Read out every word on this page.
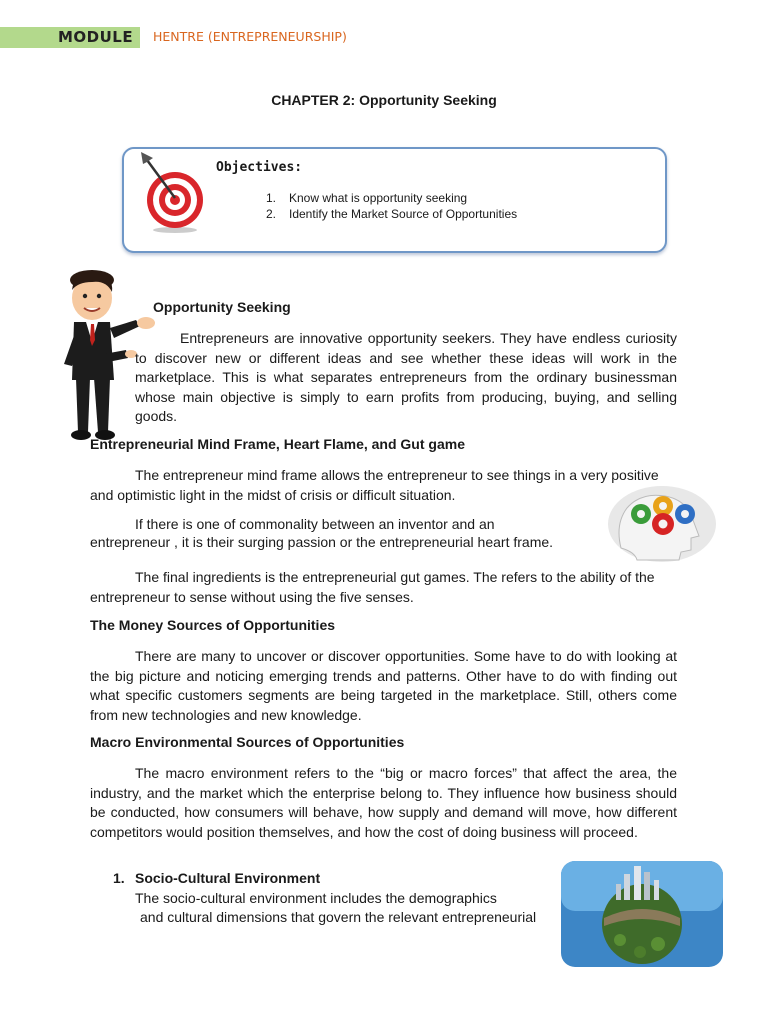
MODULE HENTRE (ENTREPRENEURSHIP)
CHAPTER 2: Opportunity Seeking
Objectives:
1. Know what is opportunity seeking
2. Identify the Market Source of Opportunities
Opportunity Seeking
Entrepreneurs are innovative opportunity seekers. They have endless curiosity to discover new or different ideas and see whether these ideas will work in the marketplace. This is what separates entrepreneurs from the ordinary businessman whose main objective is simply to earn profits from producing, buying, and selling goods.
Entrepreneurial Mind Frame, Heart Flame, and Gut game
The entrepreneur mind frame allows the entrepreneur to see things in a very positive and optimistic light in the midst of crisis or difficult situation.
If there is one of commonality between an inventor and an
entrepreneur , it is their surging passion or the entrepreneurial heart frame.
The final ingredients is the entrepreneurial gut games. The refers to the ability of the entrepreneur to sense without using the five senses.
The Money Sources of Opportunities
There are many to uncover or discover opportunities. Some have to do with looking at the big picture and noticing emerging trends and patterns. Other have to do with finding out what specific customers segments are being targeted in the marketplace. Still, others come from new technologies and new knowledge.
Macro Environmental Sources of Opportunities
The macro environment refers to the “big or macro forces” that affect the area, the industry, and the market which the enterprise belong to. They influence how business should be conducted, how consumers will behave, how supply and demand will move, how different competitors would position themselves, and how the cost of doing business will proceed.
1. Socio-Cultural Environment
The socio-cultural environment includes the demographics
and cultural dimensions that govern the relevant entrepreneurial
